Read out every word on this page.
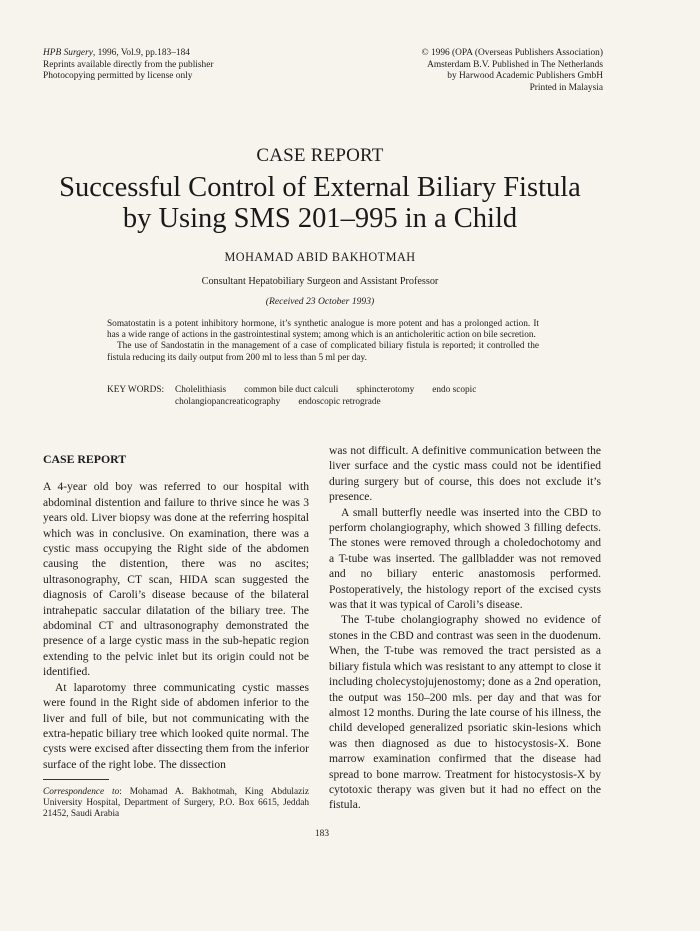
HPB Surgery, 1996, Vol.9, pp.183–184
Reprints available directly from the publisher
Photocopying permitted by license only
© 1996 (OPA (Overseas Publishers Association)
Amsterdam B.V. Published in The Netherlands
by Harwood Academic Publishers GmbH
Printed in Malaysia
CASE REPORT
Successful Control of External Biliary Fistula
by Using SMS 201–995 in a Child
MOHAMAD ABID BAKHOTMAH
Consultant Hepatobiliary Surgeon and Assistant Professor
(Received 23 October 1993)

Somatostatin is a potent inhibitory hormone, it’s synthetic analogue is more potent and has a prolonged action. It has a wide range of actions in the gastrointestinal system; among which is an anticholeritic action on bile secretion.

The use of Sandostatin in the management of a case of complicated biliary fistula is reported; it controlled the fistula reducing its daily output from 200 ml to less than 5 ml per day.

KEY WORDS:	Cholelithiasis common bile duct calculi sphincterotomy endo scopic
cholangiopancreaticography endoscopic retrograde
CASE REPORT

A 4-year old boy was referred to our hospital with abdominal distention and failure to thrive since he was 3 years old. Liver biopsy was done at the referring hospital which was in conclusive. On examination, there was a cystic mass occupying the Right side of the abdomen causing the distention, there was no ascites; ultrasonography, CT scan, HIDA scan suggested the diagnosis of Caroli’s disease because of the bilateral intrahepatic saccular dilatation of the biliary tree. The abdominal CT and ultrasonography demonstrated the presence of a large cystic mass in the sub-hepatic region extending to the pelvic inlet but its origin could not be identified.

At laparotomy three communicating cystic masses were found in the Right side of abdomen inferior to the liver and full of bile, but not communicating with the extra-hepatic biliary tree which looked quite normal. The cysts were excised after dissecting them from the inferior surface of the right lobe. The dissection

was not difficult. A definitive communication between the liver surface and the cystic mass could not be identified during surgery but of course, this does not exclude it’s presence.

A small butterfly needle was inserted into the CBD to perform cholangiography, which showed 3 filling defects. The stones were removed through a choledochotomy and a T-tube was inserted. The gallbladder was not removed and no biliary enteric anastomosis performed. Postoperatively, the histology report of the excised cysts was that it was typical of Caroli’s disease.

The T-tube cholangiography showed no evidence of stones in the CBD and contrast was seen in the duodenum. When, the T-tube was removed the tract persisted as a biliary fistula which was resistant to any attempt to close it including cholecystojujenostomy; done as a 2nd operation, the output was 150–200 mls. per day and that was for almost 12 months. During the late course of his illness, the child developed generalized psoriatic skin-lesions which was then diagnosed as due to histocystosis-X. Bone marrow examination confirmed that the disease had spread to bone marrow. Treatment for histocystosis-X by cytotoxic therapy was given but it had no effect on the fistula.

Correspondence to: Mohamad A. Bakhotmah, King Abdulaziz University Hospital, Department of Surgery, P.O. Box 6615, Jeddah 21452, Saudi Arabia
183
